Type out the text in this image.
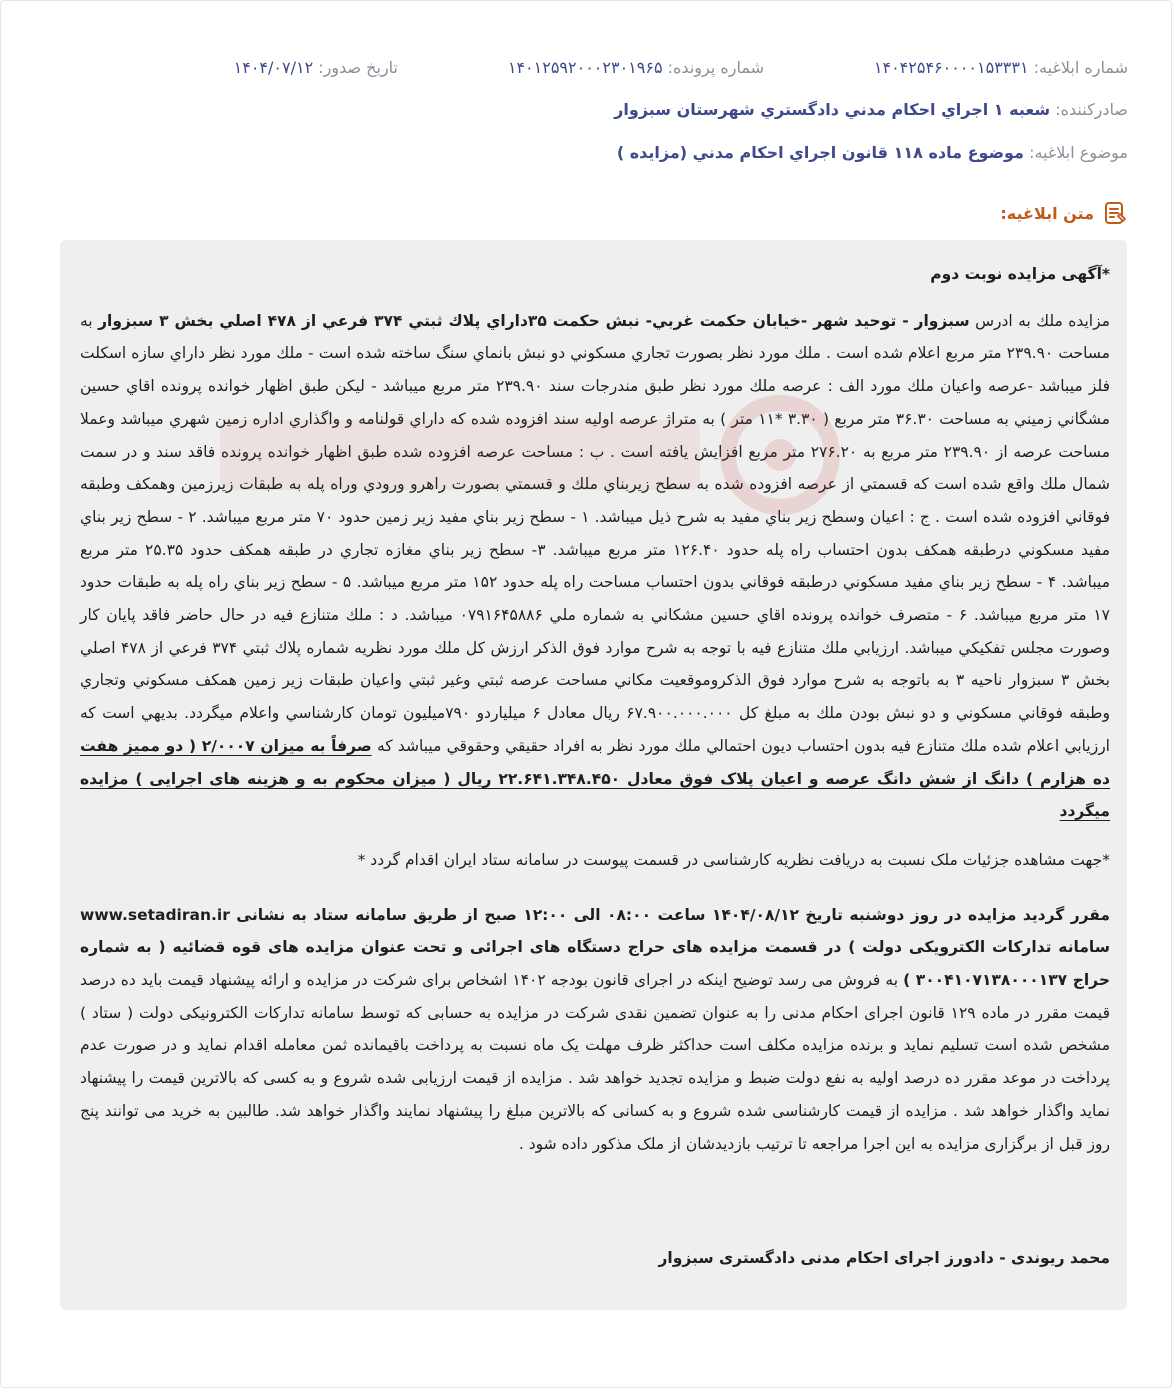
شماره ابلاغيه: ۱۴۰۴۲۵۴۶۰۰۰۰۱۵۳۳۳۱
شماره پرونده: ۱۴۰۱۲۵۹۲۰۰۰۲۳۰۱۹۶۵
تاريخ صدور: ۱۴۰۴/۰۷/۱۲
صادركننده: شعبه ۱ اجراي احكام مدني دادگستري شهرستان سبزوار
موضوع ابلاغيه: موضوع ماده ۱۱۸ قانون اجراي احكام مدني (مزايده )
متن ابلاغيه:

*آگهی مزایده نوبت دوم

مزايده ملك به ادرس سبزوار - توحيد شهر -خيابان حكمت غربي- نبش حكمت ۳۵داراي پلاك ثبتي ۳۷۴ فرعي از ۴۷۸ اصلي بخش ۳ سبزوار به مساحت ۲۳۹.۹۰ متر مربع اعلام شده است . ملك مورد نظر بصورت تجاري مسكوني دو نبش بانماي سنگ ساخته شده است - ملك مورد نظر داراي سازه اسكلت فلز ميباشد -عرصه واعيان ملك مورد الف : عرصه ملك مورد نظر طبق مندرجات سند ۲۳۹.۹۰ متر مربع ميباشد - ليكن طبق اظهار خوانده پرونده اقاي حسين مشگاني زميني به مساحت ۳۶.۳۰ متر مربع ( ۳.۳۰ *۱۱ متر ) به متراژ عرصه اوليه سند افزوده شده كه داراي قولنامه و واگذاري اداره زمين شهري ميباشد وعملا مساحت عرصه از ۲۳۹.۹۰ متر مربع به ۲۷۶.۲۰ متر مربع افزايش يافته است . ب : مساحت عرصه افزوده شده طبق اظهار خوانده پرونده فاقد سند و در سمت شمال ملك واقع شده است كه قسمتي از عرصه افزوده شده به سطح زيربناي ملك و قسمتي بصورت راهرو ورودي وراه پله به طبقات زيرزمين وهمكف وطبقه فوقاني افزوده شده است . ج : اعيان وسطح زير بناي مفيد به شرح ذيل ميباشد. ۱ - سطح زير بناي مفيد زير زمين حدود ۷۰ متر مربع ميباشد. ۲ - سطح زير بناي مفيد مسكوني درطبقه همكف بدون احتساب راه پله حدود ۱۲۶.۴۰ متر مربع ميباشد. ۳- سطح زير بناي مغازه تجاري در طبقه همكف حدود ۲۵.۳۵ متر مربع ميباشد. ۴ - سطح زير بناي مفيد مسكوني درطبقه فوقاني بدون احتساب مساحت راه پله حدود ۱۵۲ متر مربع ميباشد. ۵ - سطح زير بناي راه پله به طبقات حدود ۱۷ متر مربع ميباشد. ۶ - متصرف خوانده پرونده اقاي حسين مشكاني به شماره ملي ۰۷۹۱۶۴۵۸۸۶ ميباشد. د : ملك متنازع فيه در حال حاضر فاقد پايان كار وصورت مجلس تفكيكي ميباشد. ارزيابي ملك متنازع فيه با توجه به شرح موارد فوق الذكر ارزش كل ملك مورد نظريه شماره پلاك ثبتي ۳۷۴ فرعي از ۴۷۸ اصلي بخش ۳ سبزوار ناحيه ۳ به باتوجه به شرح موارد فوق الذكروموقعيت مكاني مساحت عرصه ثبتي وغير ثبتي واعيان طبقات زير زمين همكف مسكوني وتجاري وطبقه فوقاني مسكوني و دو نبش بودن ملك به مبلغ كل ۶۷.۹۰۰.۰۰۰.۰۰۰ ريال معادل ۶ ميلياردو ۷۹۰ميليون تومان كارشناسي واعلام ميگردد. بديهي است كه ارزيابي اعلام شده ملك متنازع فيه بدون احتساب ديون احتمالي ملك مورد نظر به افراد حقيقي وحقوقي ميباشد كه صرفاً به میزان ۲/۰۰۰۷ ( دو ممیز هفت ده هزارم ) دانگ از شش دانگ عرصه و اعیان پلاک فوق معادل ۲۲.۶۴۱.۳۴۸.۴۵۰ ریال ( میزان محکوم به و هزینه های اجرایی ) مزایده میگردد

*جهت مشاهده جزئیات ملک نسبت به دریافت نظریه کارشناسی در قسمت پیوست در سامانه ستاد ایران اقدام گردد *

مقرر گردید مزایده در روز دوشنبه تاریخ ۱۴۰۴/۰۸/۱۲ ساعت ۰۸:۰۰ الی ۱۲:۰۰ صبح از طریق سامانه ستاد به نشانی www.setadiran.ir سامانه تدارکات الکترویکی دولت ) در قسمت مزایده های حراج دستگاه های اجرائی و تحت عنوان مزایده های قوه قضائیه ( به شماره حراج ۳۰۰۴۱۰۷۱۳۸۰۰۰۱۳۷ ) به فروش می رسد توضیح اینکه در اجرای قانون بودجه ۱۴۰۲ اشخاص برای شرکت در مزایده و ارائه پیشنهاد قیمت باید ده درصد قیمت مقرر در ماده ۱۲۹ قانون اجرای احکام مدنی را به عنوان تضمین نقدی شرکت در مزایده به حسابی که توسط سامانه تدارکات الکترونیکی دولت ( ستاد ) مشخص شده است تسلیم نماید و برنده مزایده مکلف است حداکثر ظرف مهلت یک ماه نسبت به پرداخت باقیمانده ثمن معامله اقدام نماید و در صورت عدم پرداخت در موعد مقرر ده درصد اولیه به نفع دولت ضبط و مزایده تجدید خواهد شد . مزایده از قیمت ارزیابی شده شروع و به کسی که بالاترین قیمت را پیشنهاد نماید واگذار خواهد شد . مزایده از قیمت کارشناسی شده شروع و به کسانی که بالاترین مبلغ را پیشنهاد نمایند واگذار خواهد شد. طالبین به خرید می توانند پنج روز قبل از برگزاری مزایده به این اجرا مراجعه تا ترتیب بازدیدشان از ملک مذکور داده شود .

محمد ریوندی - دادورز اجرای احکام مدنی دادگستری سبزوار
